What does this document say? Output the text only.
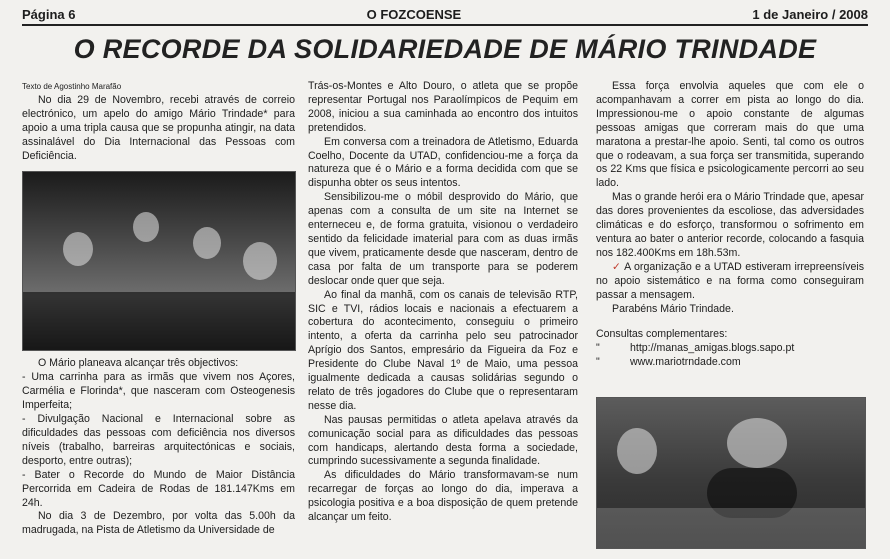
Página 6	O FOZCOENSE	1 de Janeiro / 2008
O RECORDE DA SOLIDARIEDADE DE MÁRIO TRINDADE

Texto de Agostinho Marafão

No dia 29 de Novembro, recebi através de correio electrónico, um apelo do amigo Mário Trindade* para apoio a uma tripla causa que se propunha atingir, na data assinalável do Dia Internacional das Pessoas com Deficiência.

O Mário planeava alcançar três objectivos:

- Uma carrinha para as irmãs que vivem nos Açores, Carmélia e Florinda*, que nasceram com Osteogenesis Imperfeita;

- Divulgação Nacional e Internacional sobre as dificuldades das pessoas com deficiência nos diversos níveis (trabalho, barreiras arquitectónicas e sociais, desporto, entre outras);

- Bater o Recorde do Mundo de Maior Distância Percorrida em Cadeira de Rodas de 181.147Kms em 24h.

No dia 3 de Dezembro, por volta das 5.00h da madrugada, na Pista de Atletismo da Universidade de

Trás-os-Montes e Alto Douro, o atleta que se propõe representar Portugal nos Paraolímpicos de Pequim em 2008, iniciou a sua caminhada ao encontro dos intuitos pretendidos.

Em conversa com a treinadora de Atletismo, Eduarda Coelho, Docente da UTAD, confidenciou-me a força da natureza que é o Mário e a forma decidida com que se dispunha obter os seus intentos.

Sensibilizou-me o móbil desprovido do Mário, que apenas com a consulta de um site na Internet se enterneceu e, de forma gratuita, visionou o verdadeiro sentido da felicidade imaterial para com as duas irmãs que vivem, praticamente desde que nasceram, dentro de casa por falta de um transporte para se poderem deslocar onde quer que seja.

Ao final da manhã, com os canais de televisão RTP, SIC e TVI, rádios locais e nacionais a efectuarem a cobertura do acontecimento, conseguiu o primeiro intento, a oferta da carrinha pelo seu patrocinador Aprígio dos Santos, empresário da Figueira da Foz e Presidente do Clube Naval 1º de Maio, uma pessoa igualmente dedicada a causas solidárias segundo o relato de três jogadores do Clube que o representaram nesse dia.

Nas pausas permitidas o atleta apelava através da comunicação social para as dificuldades das pessoas com handicaps, alertando desta forma a sociedade, cumprindo sucessivamente a segunda finalidade.

As dificuldades do Mário transformavam-se num recarregar de forças ao longo do dia, imperava a psicologia positiva e a boa disposição de quem pretende alcançar um feito.

Essa força envolvia aqueles que com ele o acompanhavam a correr em pista ao longo do dia. Impressionou-me o apoio constante de algumas pessoas amigas que correram mais do que uma maratona a prestar-lhe apoio. Senti, tal como os outros que o rodeavam, a sua força ser transmitida, superando os 22 Kms que física e psicologicamente percorri ao seu lado.

Mas o grande herói era o Mário Trindade que, apesar das dores provenientes da escoliose, das adversidades climáticas e do esforço, transformou o sofrimento em ventura ao bater o anterior recorde, colocando a fasquia nos 182.400Kms em 18h.53m.

✓ A organização e a UTAD estiveram irrepreensíveis no apoio sistemático e na forma como conseguiram passar a mensagem.

Parabéns Mário Trindade.

Consultas complementares:

"	http://manas_amigas.blogs.sapo.pt
"	www.mariotrndade.com
